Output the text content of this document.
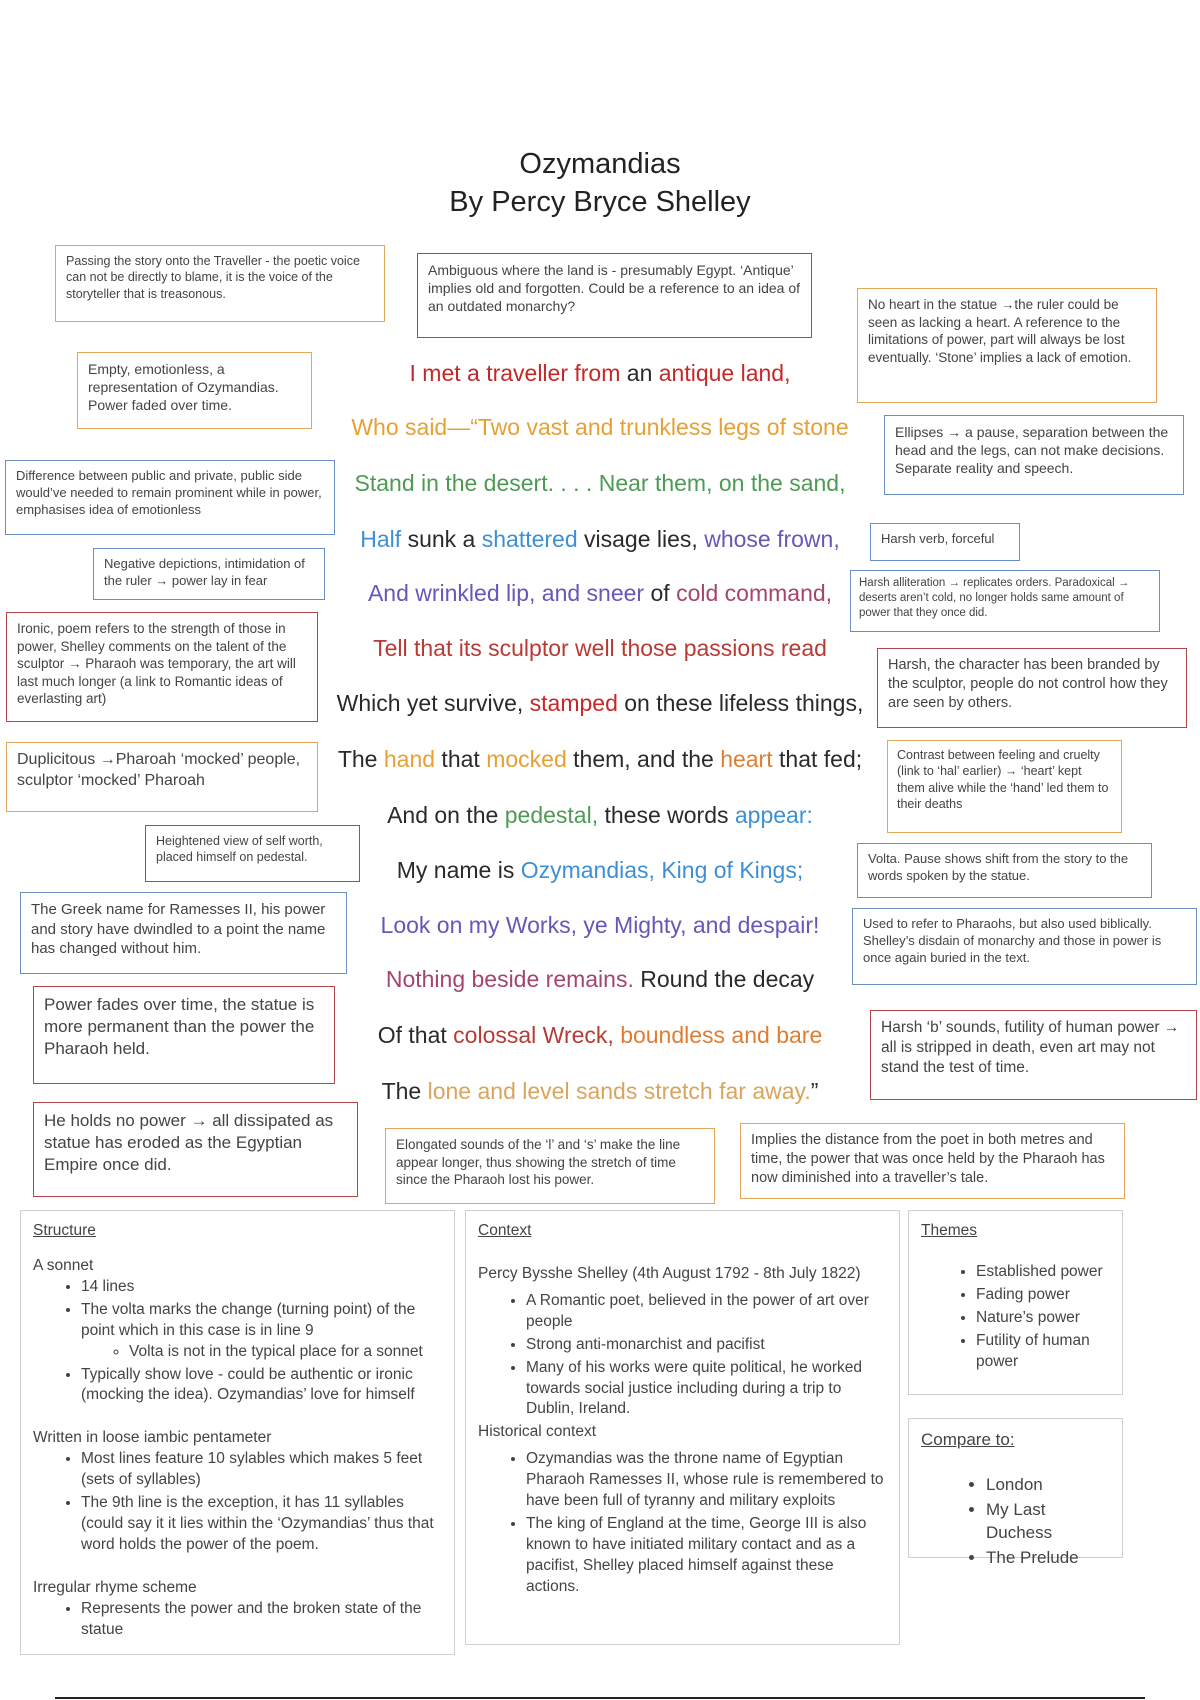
Ozymandias
By Percy Bryce Shelley
I met a traveller from an antique land,
Who said—“Two vast and trunkless legs of stone
Stand in the desert. . . . Near them, on the sand,
Half sunk a shattered visage lies, whose frown,
And wrinkled lip, and sneer of cold command,
Tell that its sculptor well those passions read
Which yet survive, stamped on these lifeless things,
The hand that mocked them, and the heart that fed;
And on the pedestal, these words appear:
My name is Ozymandias, King of Kings;
Look on my Works, ye Mighty, and despair!
Nothing beside remains. Round the decay
Of that colossal Wreck, boundless and bare
The lone and level sands stretch far away.”
Passing the story onto the Traveller - the poetic voice can not be directly to blame, it is the voice of the storyteller that is treasonous.
Ambiguous where the land is - presumably Egypt. ‘Antique’ implies old and forgotten. Could be a reference to an idea of an outdated monarchy?	No heart in the statue →the ruler could be seen as lacking a heart. A reference to the limitations of power, part will always be lost eventually. ‘Stone’ implies a lack of emotion.
Empty, emotionless, a representation of Ozymandias. Power faded over time.
Ellipses → a pause, separation between the head and the legs, can not make decisions. Separate reality and speech.
Difference between public and private, public side would’ve needed to remain prominent while in power, emphasises idea of emotionless
Harsh verb, forceful
Negative depictions, intimidation of the ruler → power lay in fear	Harsh alliteration → replicates orders. Paradoxical → deserts aren’t cold, no longer holds same amount of power that they once did.
Ironic, poem refers to the strength of those in power, Shelley comments on the talent of the sculptor → Pharaoh was temporary, the art will last much longer (a link to Romantic ideas of everlasting art)
Harsh, the character has been branded by the sculptor, people do not control how they are seen by others.
Duplicitous →Pharoah ‘mocked’ people, sculptor ‘mocked’ Pharoah
Contrast between feeling and cruelty (link to ‘hal’ earlier) → ‘heart’ kept them alive while the ‘hand’ led them to their deaths
Heightened view of self worth, placed himself on pedestal.	Volta. Pause shows shift from the story to the words spoken by the statue.
The Greek name for Ramesses II, his power and story have dwindled to a point the name has changed without him.
Used to refer to Pharaohs, but also used biblically. Shelley’s disdain of monarchy and those in power is once again buried in the text.
Power fades over time, the statue is more permanent than the power the Pharaoh held.
Harsh ‘b’ sounds, futility of human power → all is stripped in death, even art may not stand the test of time.
He holds no power → all dissipated as statue has eroded as the Egyptian Empire once did.
Elongated sounds of the ‘l’ and ‘s’ make the line appear longer, thus showing the stretch of time since the Pharaoh lost his power.
Implies the distance from the poet in both metres and time, the power that was once held by the Pharaoh has now diminished into a traveller’s tale.
Structure
A sonnet
• 14 lines
• The volta marks the change (turning point) of the point which in this case is in line 9
◦ Volta is not in the typical place for a sonnet
• Typically show love - could be authentic or ironic (mocking the idea). Ozymandias’ love for himself
Written in loose iambic pentameter
• Most lines feature 10 sylables which makes 5 feet (sets of syllables)
• The 9th line is the exception, it has 11 syllables (could say it it lies within the ‘Ozymandias’ thus that word holds the power of the poem.
Irregular rhyme scheme
• Represents the power and the broken state of the statue
Context
Percy Bysshe Shelley (4th August 1792 - 8th July 1822)
• A Romantic poet, believed in the power of art over people
• Strong anti-monarchist and pacifist
• Many of his works were quite political, he worked towards social justice including during a trip to Dublin, Ireland.
Historical context
• Ozymandias was the throne name of Egyptian Pharaoh Ramesses II, whose rule is remembered to have been full of tyranny and military exploits
• The king of England at the time, George III is also known to have initiated military contact and as a pacifist, Shelley placed himself against these actions.
Themes
• Established power
• Fading power
• Nature’s power
• Futility of human power
Compare to:
• London
• My Last Duchess
• The Prelude
